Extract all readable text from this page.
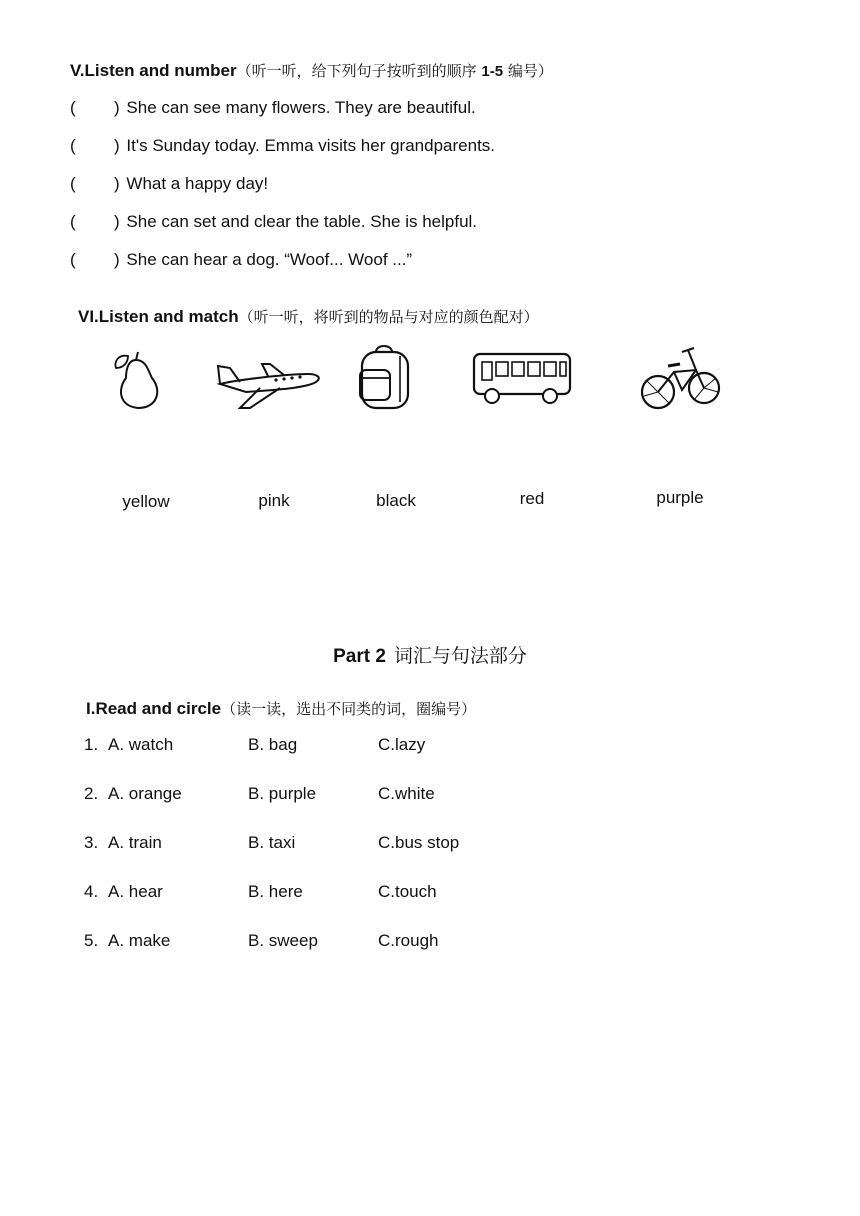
V.Listen and number（听一听，给下列句子按听到的顺序 1-5 编号）
( ) She can see many flowers. They are beautiful.
( ) It's Sunday today. Emma visits her grandparents.
( ) What a happy day!
( ) She can set and clear the table. She is helpful.
( ) She can hear a dog. “Woof... Woof ...”
VI.Listen and match（听一听，将听到的物品与对应的颜色配对）
yellow	pink	black	red	purple
Part 2 词汇与句法部分
I.Read and circle（读一读，选出不同类的词，圈编号）
1. A. watch	B. bag	C.lazy
2. A. orange	B. purple	C.white
3. A. train	B. taxi	C.bus stop
4. A. hear	B. here	C.touch
5. A. make	B. sweep	C.rough
